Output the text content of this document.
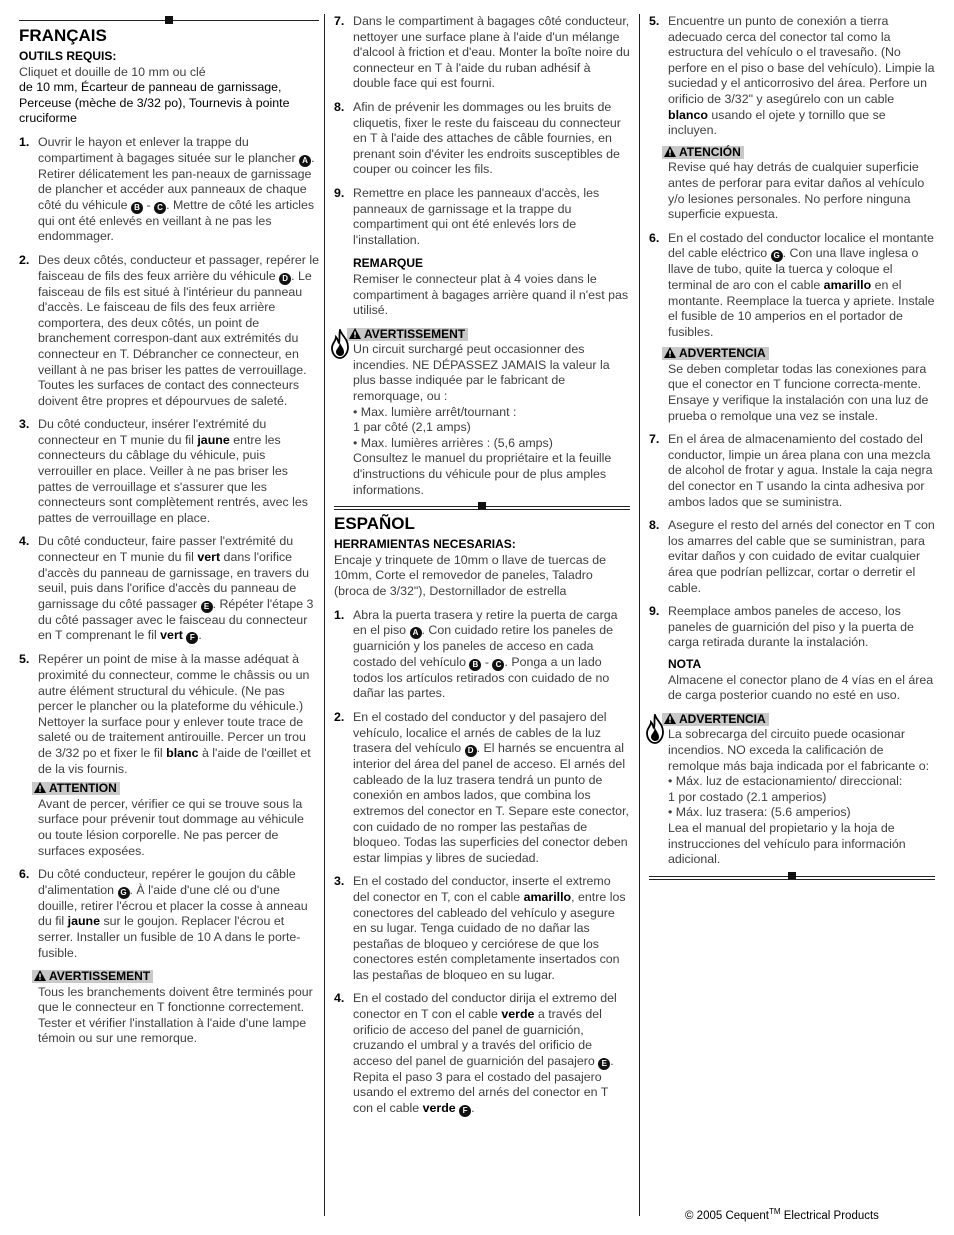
FRANÇAIS

OUTILS REQUIS:

Cliquet et douille de 10 mm ou clé
de 10 mm, Écarteur de panneau de garnissage, Perceuse (mèche de 3/32 po), Tournevis à pointe cruciforme

1. Ouvrir le hayon et enlever la trappe du compartiment à bagages située sur le plancher A . Retirer délicatement les pan-neaux de garnissage de plancher et accéder aux panneaux de chaque côté du véhicule B - C . Mettre de côté les articles qui ont été enlevés en veillant à ne pas les endommager.

2. Des deux côtés, conducteur et passager, repérer le faisceau de fils des feux arrière du véhicule D . Le faisceau de fils est situé à l'intérieur du panneau d'accès. Le faisceau de fils des feux arrière comportera, des deux côtés, un point de branchement correspon-dant aux extrémités du connecteur en T. Débrancher ce connecteur, en veillant à ne pas briser les pattes de verrouillage. Toutes les surfaces de contact des connecteurs doivent être propres et dépourvues de saleté.

3. Du côté conducteur, insérer l'extrémité du connecteur en T munie du fil jaune entre les connecteurs du câblage du véhicule, puis verrouiller en place. Veiller à ne pas briser les pattes de verrouillage et s'assurer que les connecteurs sont complètement rentrés, avec les pattes de verrouillage en place.

4. Du côté conducteur, faire passer l'extrémité du connecteur en T munie du fil vert dans l'orifice d'accès du panneau de garnissage, en travers du seuil, puis dans l'orifice d'accès du panneau de garnissage du côté passager E . Répéter l'étape 3 du côté passager avec le faisceau du connecteur en T comprenant le fil vert F .

5. Repérer un point de mise à la masse adéquat à proximité du connecteur, comme le châssis ou un autre élément structural du véhicule. (Ne pas percer le plancher ou la plateforme du véhicule.) Nettoyer la surface pour y enlever toute trace de saleté ou de traitement antirouille. Percer un trou de 3/32 po et fixer le fil blanc à l'aide de l'œillet et de la vis fournis.

ATTENTION

Avant de percer, vérifier ce qui se trouve sous la surface pour prévenir tout dommage au véhicule ou toute lésion corporelle. Ne pas percer de surfaces exposées.

6. Du côté conducteur, repérer le goujon du câble d'alimentation G . À l'aide d'une clé ou d'une douille, retirer l'écrou et placer la cosse à anneau du fil jaune sur le goujon. Replacer l'écrou et serrer. Installer un fusible de 10 A dans le porte-fusible.

AVERTISSEMENT

Tous les branchements doivent être terminés pour que le connecteur en T fonctionne correctement. Tester et vérifier l'installation à l'aide d'une lampe témoin ou sur une remorque.

7. Dans le compartiment à bagages côté conducteur, nettoyer une surface plane à l'aide d'un mélange d'alcool à friction et d'eau. Monter la boîte noire du connecteur en T à l'aide du ruban adhésif à double face qui est fourni.

8. Afin de prévenir les dommages ou les bruits de cliquetis, fixer le reste du faisceau du connecteur en T à l'aide des attaches de câble fournies, en prenant soin d'éviter les endroits susceptibles de couper ou coincer les fils.

9. Remettre en place les panneaux d'accès, les panneaux de garnissage et la trappe du compartiment qui ont été enlevés lors de l'installation.

REMARQUE

Remiser le connecteur plat à 4 voies dans le compartiment à bagages arrière quand il n'est pas utilisé.

AVERTISSEMENT

Un circuit surchargé peut occasionner des incendies. NE DÉPASSEZ JAMAIS la valeur la plus basse indiquée par le fabricant de remorquage, ou :
• Max. lumière arrêt/tournant :
1 par côté (2,1 amps)
• Max. lumières arrières : (5,6 amps)
Consultez le manuel du propriétaire et la feuille d'instructions du véhicule pour de plus amples informations.

ESPAÑOL

HERRAMIENTAS NECESARIAS:

Encaje y trinquete de 10mm o llave de tuercas de 10mm, Corte el removedor de paneles, Taladro (broca de 3/32"), Destornillador de estrella

1. Abra la puerta trasera y retire la puerta de carga en el piso A . Con cuidado retire los paneles de guarnición y los paneles de acceso en cada costado del vehículo B - C . Ponga a un lado todos los artículos retirados con cuidado de no dañar las partes.

2. En el costado del conductor y del pasajero del vehículo, localice el arnés de cables de la luz trasera del vehículo D . El harnés se encuentra al interior del área del panel de acceso. El arnés del cableado de la luz trasera tendrá un punto de conexión en ambos lados, que combina los extremos del conector en T. Separe este conector, con cuidado de no romper las pestañas de bloqueo. Todas las superficies del conector deben estar limpias y libres de suciedad.

3. En el costado del conductor, inserte el extremo del conector en T, con el cable amarillo, entre los conectores del cableado del vehículo y asegure en su lugar. Tenga cuidado de no dañar las pestañas de bloqueo y cerciórese de que los conectores estén completamente insertados con las pestañas de bloqueo en su lugar.

4. En el costado del conductor dirija el extremo del conector en T con el cable verde a través del orificio de acceso del panel de guarnición, cruzando el umbral y a través del orificio de acceso del panel de guarnición del pasajero E . Repita el paso 3 para el costado del pasajero usando el extremo del arnés del conector en T con el cable verde F .

5. Encuentre un punto de conexión a tierra adecuado cerca del conector tal como la estructura del vehículo o el travesaño. (No perfore en el piso o base del vehículo). Limpie la suciedad y el anticorrosivo del área. Perfore un orificio de 3/32" y asegúrelo con un cable blanco usando el ojete y tornillo que se incluyen.

ATENCIÓN

Revise qué hay detrás de cualquier superficie antes de perforar para evitar daños al vehículo y/o lesiones personales. No perfore ninguna superficie expuesta.

6. En el costado del conductor localice el montante del cable eléctrico G . Con una llave inglesa o llave de tubo, quite la tuerca y coloque el terminal de aro con el cable amarillo en el montante. Reemplace la tuerca y apriete. Instale el fusible de 10 amperios en el portador de fusibles.

ADVERTENCIA

Se deben completar todas las conexiones para que el conector en T funcione correcta-mente. Ensaye y verifique la instalación con una luz de prueba o remolque una vez se instale.

7. En el área de almacenamiento del costado del conductor, limpie un área plana con una mezcla de alcohol de frotar y agua. Instale la caja negra del conector en T usando la cinta adhesiva por ambos lados que se suministra.

8. Asegure el resto del arnés del conector en T con los amarres del cable que se suministran, para evitar daños y con cuidado de evitar cualquier área que podrían pellizcar, cortar o derretir el cable.

9. Reemplace ambos paneles de acceso, los paneles de guarnición del piso y la puerta de carga retirada durante la instalación.

NOTA

Almacene el conector plano de 4 vías en el área de carga posterior cuando no esté en uso.

ADVERTENCIA

La sobrecarga del circuito puede ocasionar incendios. NO exceda la calificación de remolque más baja indicada por el fabricante o:
• Máx. luz de estacionamiento/ direccional:
1 por costado (2.1 amperios)
• Máx. luz trasera: (5.6 amperios)
Lea el manual del propietario y la hoja de instrucciones del vehículo para información adicional.

© 2005 Cequent™ Electrical Products
